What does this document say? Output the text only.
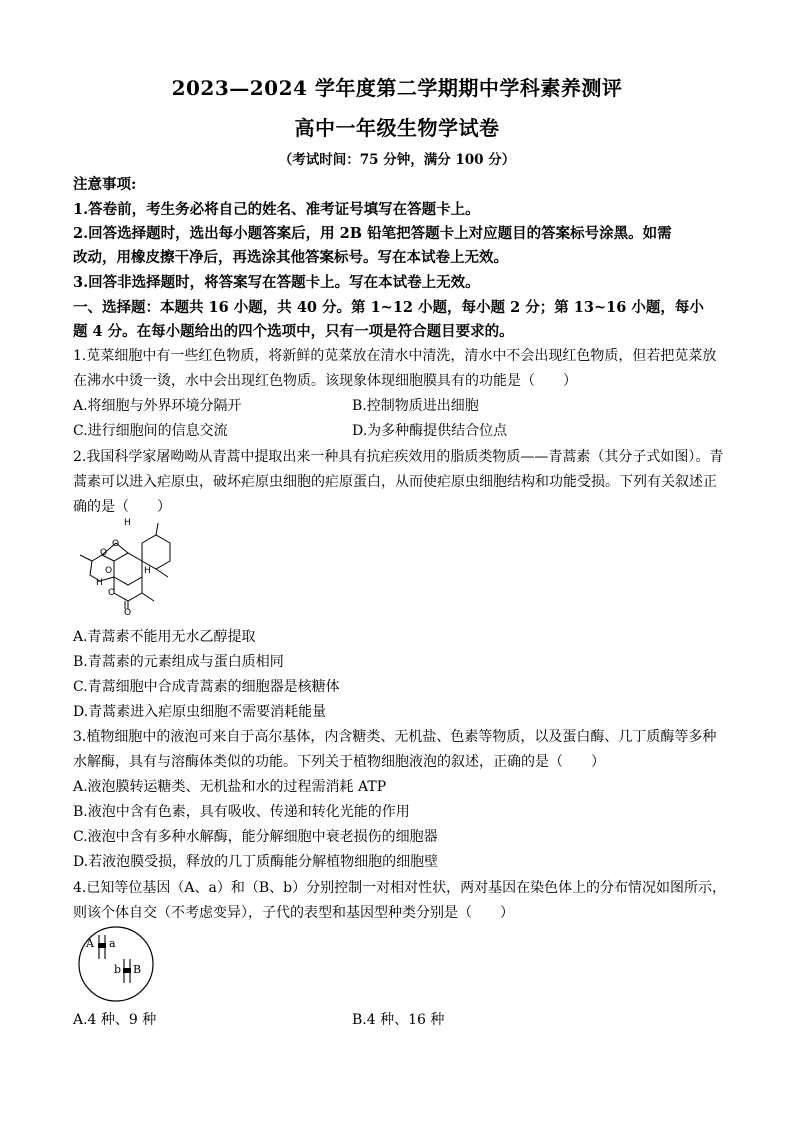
2023—2024 学年度第二学期期中学科素养测评
高中一年级生物学试卷
（考试时间：75 分钟，满分 100 分）
注意事项:
1.答卷前，考生务必将自己的姓名、准考证号填写在答题卡上。
2.回答选择题时，选出每小题答案后，用 2B 铅笔把答题卡上对应题目的答案标号涂黑。如需
改动，用橡皮擦干净后，再选涂其他答案标号。写在本试卷上无效。
3.回答非选择题时，将答案写在答题卡上。写在本试卷上无效。
一、选择题：本题共 16 小题，共 40 分。第 1~12 小题，每小题 2 分；第 13~16 小题，每小
题 4 分。在每小题给出的四个选项中，只有一项是符合题目要求的。
1.苋菜细胞中有一些红色物质，将新鲜的苋菜放在清水中清洗，清水中不会出现红色物质，但若把苋菜放
在沸水中烫一烫，水中会出现红色物质。该现象体现细胞膜具有的功能是（　　）
A.将细胞与外界环境分隔开	B.控制物质进出细胞
C.进行细胞间的信息交流	D.为多种酶提供结合位点
2.我国科学家屠呦呦从青蒿中提取出来一种具有抗疟疾效用的脂质类物质——青蒿素（其分子式如图）。青
蒿素可以进入疟原虫，破坏疟原虫细胞的疟原蛋白，从而使疟原虫细胞结构和功能受损。下列有关叙述正
确的是（　　）
H
O
O
O	H
H
O
O
A.青蒿素不能用无水乙醇提取
B.青蒿素的元素组成与蛋白质相同
C.青蒿细胞中合成青蒿素的细胞器是核糖体
D.青蒿素进入疟原虫细胞不需要消耗能量
3.植物细胞中的液泡可来自于高尔基体，内含糖类、无机盐、色素等物质，以及蛋白酶、几丁质酶等多种
水解酶，具有与溶酶体类似的功能。下列关于植物细胞液泡的叙述，正确的是（　　）
A.液泡膜转运糖类、无机盐和水的过程需消耗 ATP
B.液泡中含有色素，具有吸收、传递和转化光能的作用
C.液泡中含有多种水解酶，能分解细胞中衰老损伤的细胞器
D.若液泡膜受损，释放的几丁质酶能分解植物细胞的细胞壁
4.已知等位基因（A、a）和（B、b）分别控制一对相对性状，两对基因在染色体上的分布情况如图所示，
则该个体自交（不考虑变异），子代的表型和基因型种类分别是（　　）
A a
b B
A.4 种、9 种	B.4 种、16 种
